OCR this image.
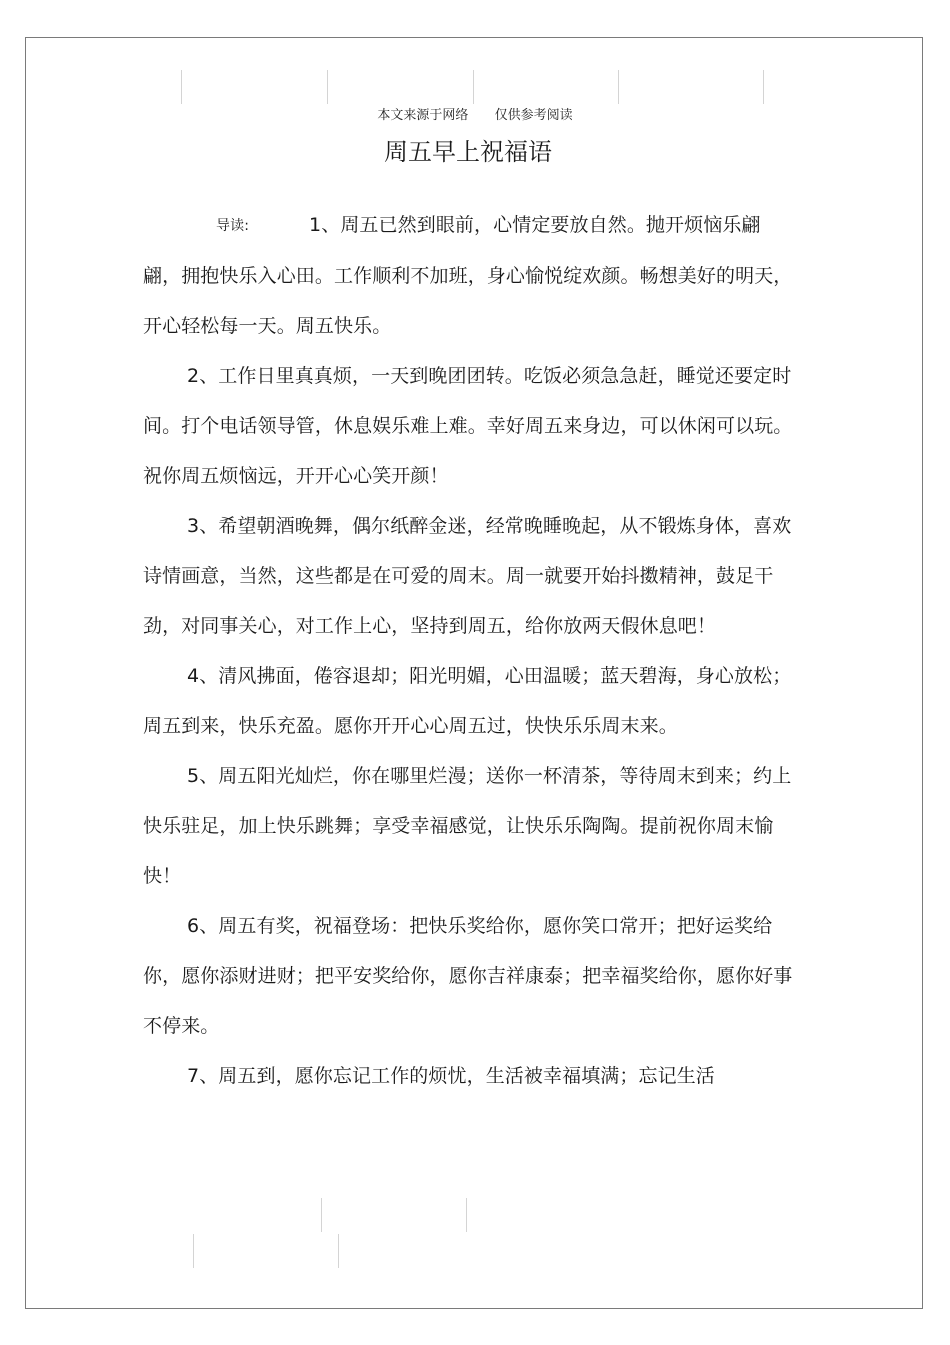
本文来源于网络 仅供参考阅读
周五早上祝福语

导读:	1、周五已然到眼前，心情定要放自然。抛开烦恼乐翩翩，拥抱快乐入心田。工作顺利不加班，身心愉悦绽欢颜。畅想美好的明天，开心轻松每一天。周五快乐。

2、工作日里真真烦，一天到晚团团转。吃饭必须急急赶，睡觉还要定时间。打个电话领导管，休息娱乐难上难。幸好周五来身边，可以休闲可以玩。祝你周五烦恼远，开开心心笑开颜！

3、希望朝酒晚舞，偶尔纸醉金迷，经常晚睡晚起，从不锻炼身体，喜欢诗情画意，当然，这些都是在可爱的周末。周一就要开始抖擞精神，鼓足干劲，对同事关心，对工作上心，坚持到周五，给你放两天假休息吧！

4、清风拂面，倦容退却；阳光明媚，心田温暖；蓝天碧海，身心放松；周五到来，快乐充盈。愿你开开心心周五过，快快乐乐周末来。

5、周五阳光灿烂，你在哪里烂漫；送你一杯清茶，等待周末到来；约上快乐驻足，加上快乐跳舞；享受幸福感觉，让快乐乐陶陶。提前祝你周末愉快！

6、周五有奖，祝福登场：把快乐奖给你，愿你笑口常开；把好运奖给你，愿你添财进财；把平安奖给你，愿你吉祥康泰；把幸福奖给你，愿你好事不停来。

7、周五到，愿你忘记工作的烦忧，生活被幸福填满；忘记生活
